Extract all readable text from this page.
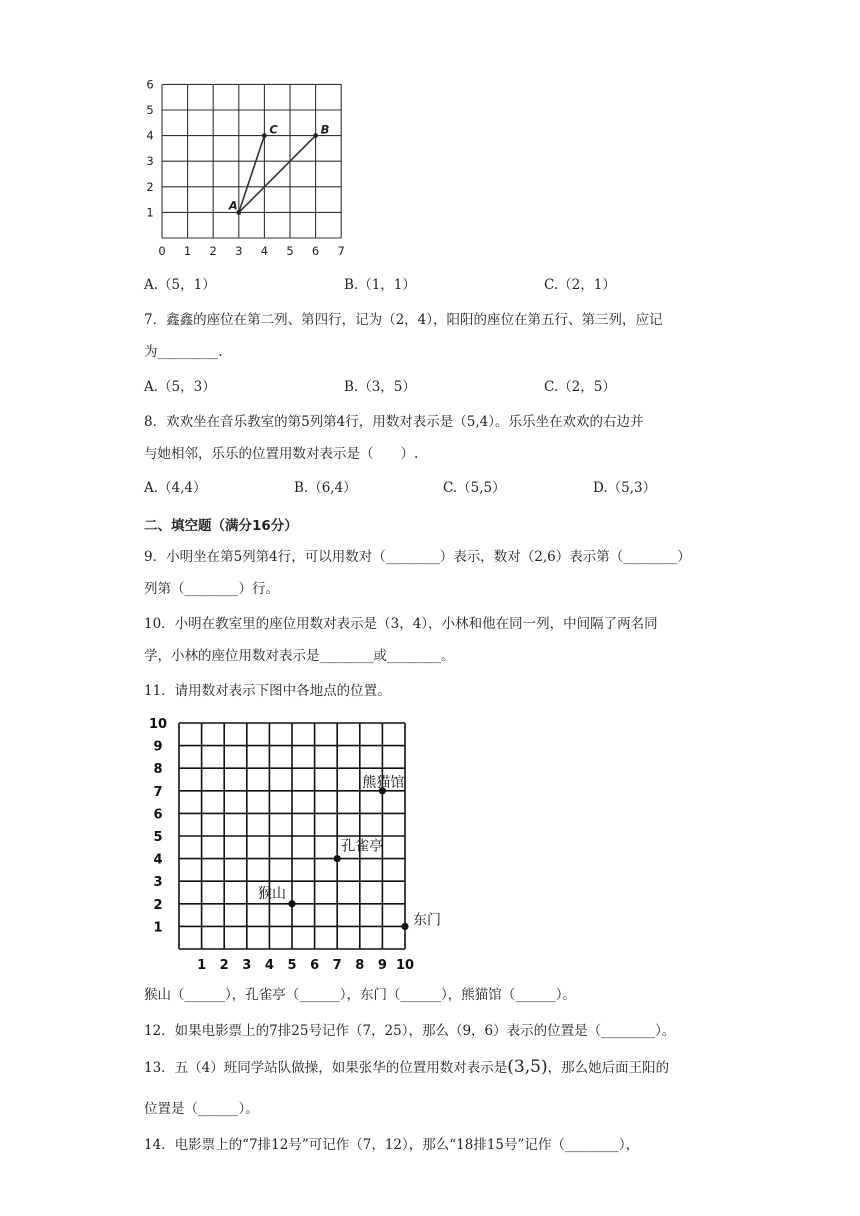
0 1 2 3 4 5 6 7
1
2
3
4
5
6
A
C	B
A.（5，1）	B.（1，1）	C.（2，1）
7．鑫鑫的座位在第二列、第四行，记为（2，4），阳阳的座位在第五行、第三列，应记
为_________.
A.（5，3）	B.（3，5）	C.（2，5）
8．欢欢坐在音乐教室的第5列第4行，用数对表示是（5,4）。乐乐坐在欢欢的右边并
与她相邻，乐乐的位置用数对表示是（　　）.
A.（4,4）	B.（6,4）	C.（5,5）	D.（5,3）
二、填空题（满分16分）
9．小明坐在第5列第4行，可以用数对（________）表示，数对（2,6）表示第（________）
列第（________）行。
10．小明在教室里的座位用数对表示是（3，4），小林和他在同一列，中间隔了两名同
学，小林的座位用数对表示是________或________。
11．请用数对表示下图中各地点的位置。
1 2 3 4 5 6 7 8 9 10
1
2
3
4
5
6
7
8
9
10
猴山
孔雀亭
东门
熊猫馆
猴山（______），孔雀亭（______），东门（______），熊猫馆（______）。
12．如果电影票上的7排25号记作（7，25），那么（9，6）表示的位置是（________）。
13．五（4）班同学站队做操，如果张华的位置用数对表示是(3,5)，那么她后面王阳的
位置是（______）。
14．电影票上的“7排12号”可记作（7，12），那么“18排15号”记作（________），
